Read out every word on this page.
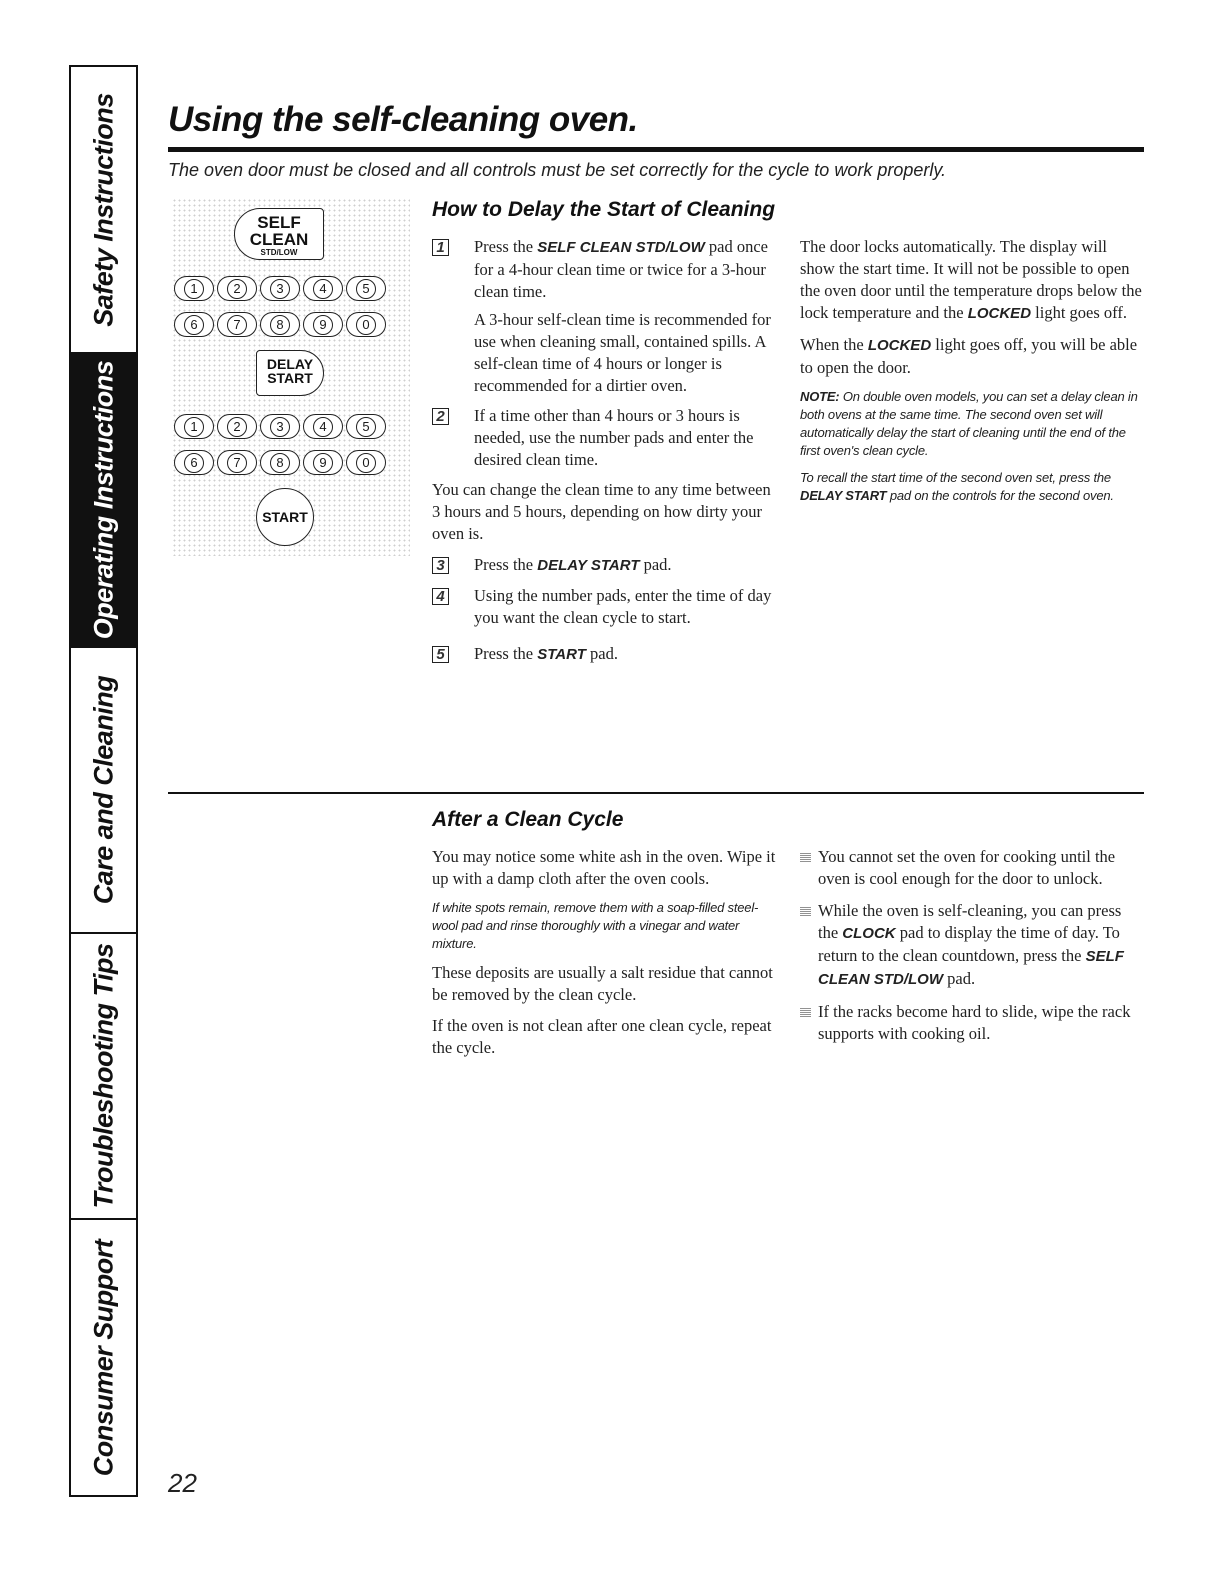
Safety Instructions
Operating Instructions
Care and Cleaning
Troubleshooting Tips
Consumer Support
Using the self-cleaning oven.

The oven door must be closed and all controls must be set correctly for the cycle to work properly.

SELF
CLEAN
STD/LOW
1	2	3	4	5
6	7	8	9	0
DELAY
START
1	2	3	4	5
6	7	8	9	0
START
How to Delay the Start of Cleaning
1 Press the SELF CLEAN STD/LOW pad once for a 4-hour clean time or twice for a 3-hour clean time.
A 3-hour self-clean time is recommended for use when cleaning small, contained spills. A self-clean time of 4 hours or longer is recommended for a dirtier oven.
2 If a time other than 4 hours or 3 hours is needed, use the number pads and enter the desired clean time.

You can change the clean time to any time between 3 hours and 5 hours, depending on how dirty your oven is.

3 Press the DELAY START pad.
4 Using the number pads, enter the time of day you want the clean cycle to start.
5 Press the START pad.

The door locks automatically. The display will show the start time. It will not be possible to open the oven door until the temperature drops below the lock temperature and the LOCKED light goes off.

When the LOCKED light goes off, you will be able to open the door.

NOTE: On double oven models, you can set a delay clean in both ovens at the same time. The second oven set will automatically delay the start of cleaning until the end of the first oven's clean cycle.

To recall the start time of the second oven set, press the DELAY START pad on the controls for the second oven.

After a Clean Cycle

You may notice some white ash in the oven. Wipe it up with a damp cloth after the oven cools.

If white spots remain, remove them with a soap-filled steel-wool pad and rinse thoroughly with a vinegar and water mixture.

These deposits are usually a salt residue that cannot be removed by the clean cycle.

If the oven is not clean after one clean cycle, repeat the cycle.

You cannot set the oven for cooking until the oven is cool enough for the door to unlock.
While the oven is self-cleaning, you can press the CLOCK pad to display the time of day. To return to the clean countdown, press the SELF CLEAN STD/LOW pad.
If the racks become hard to slide, wipe the rack supports with cooking oil.

22
